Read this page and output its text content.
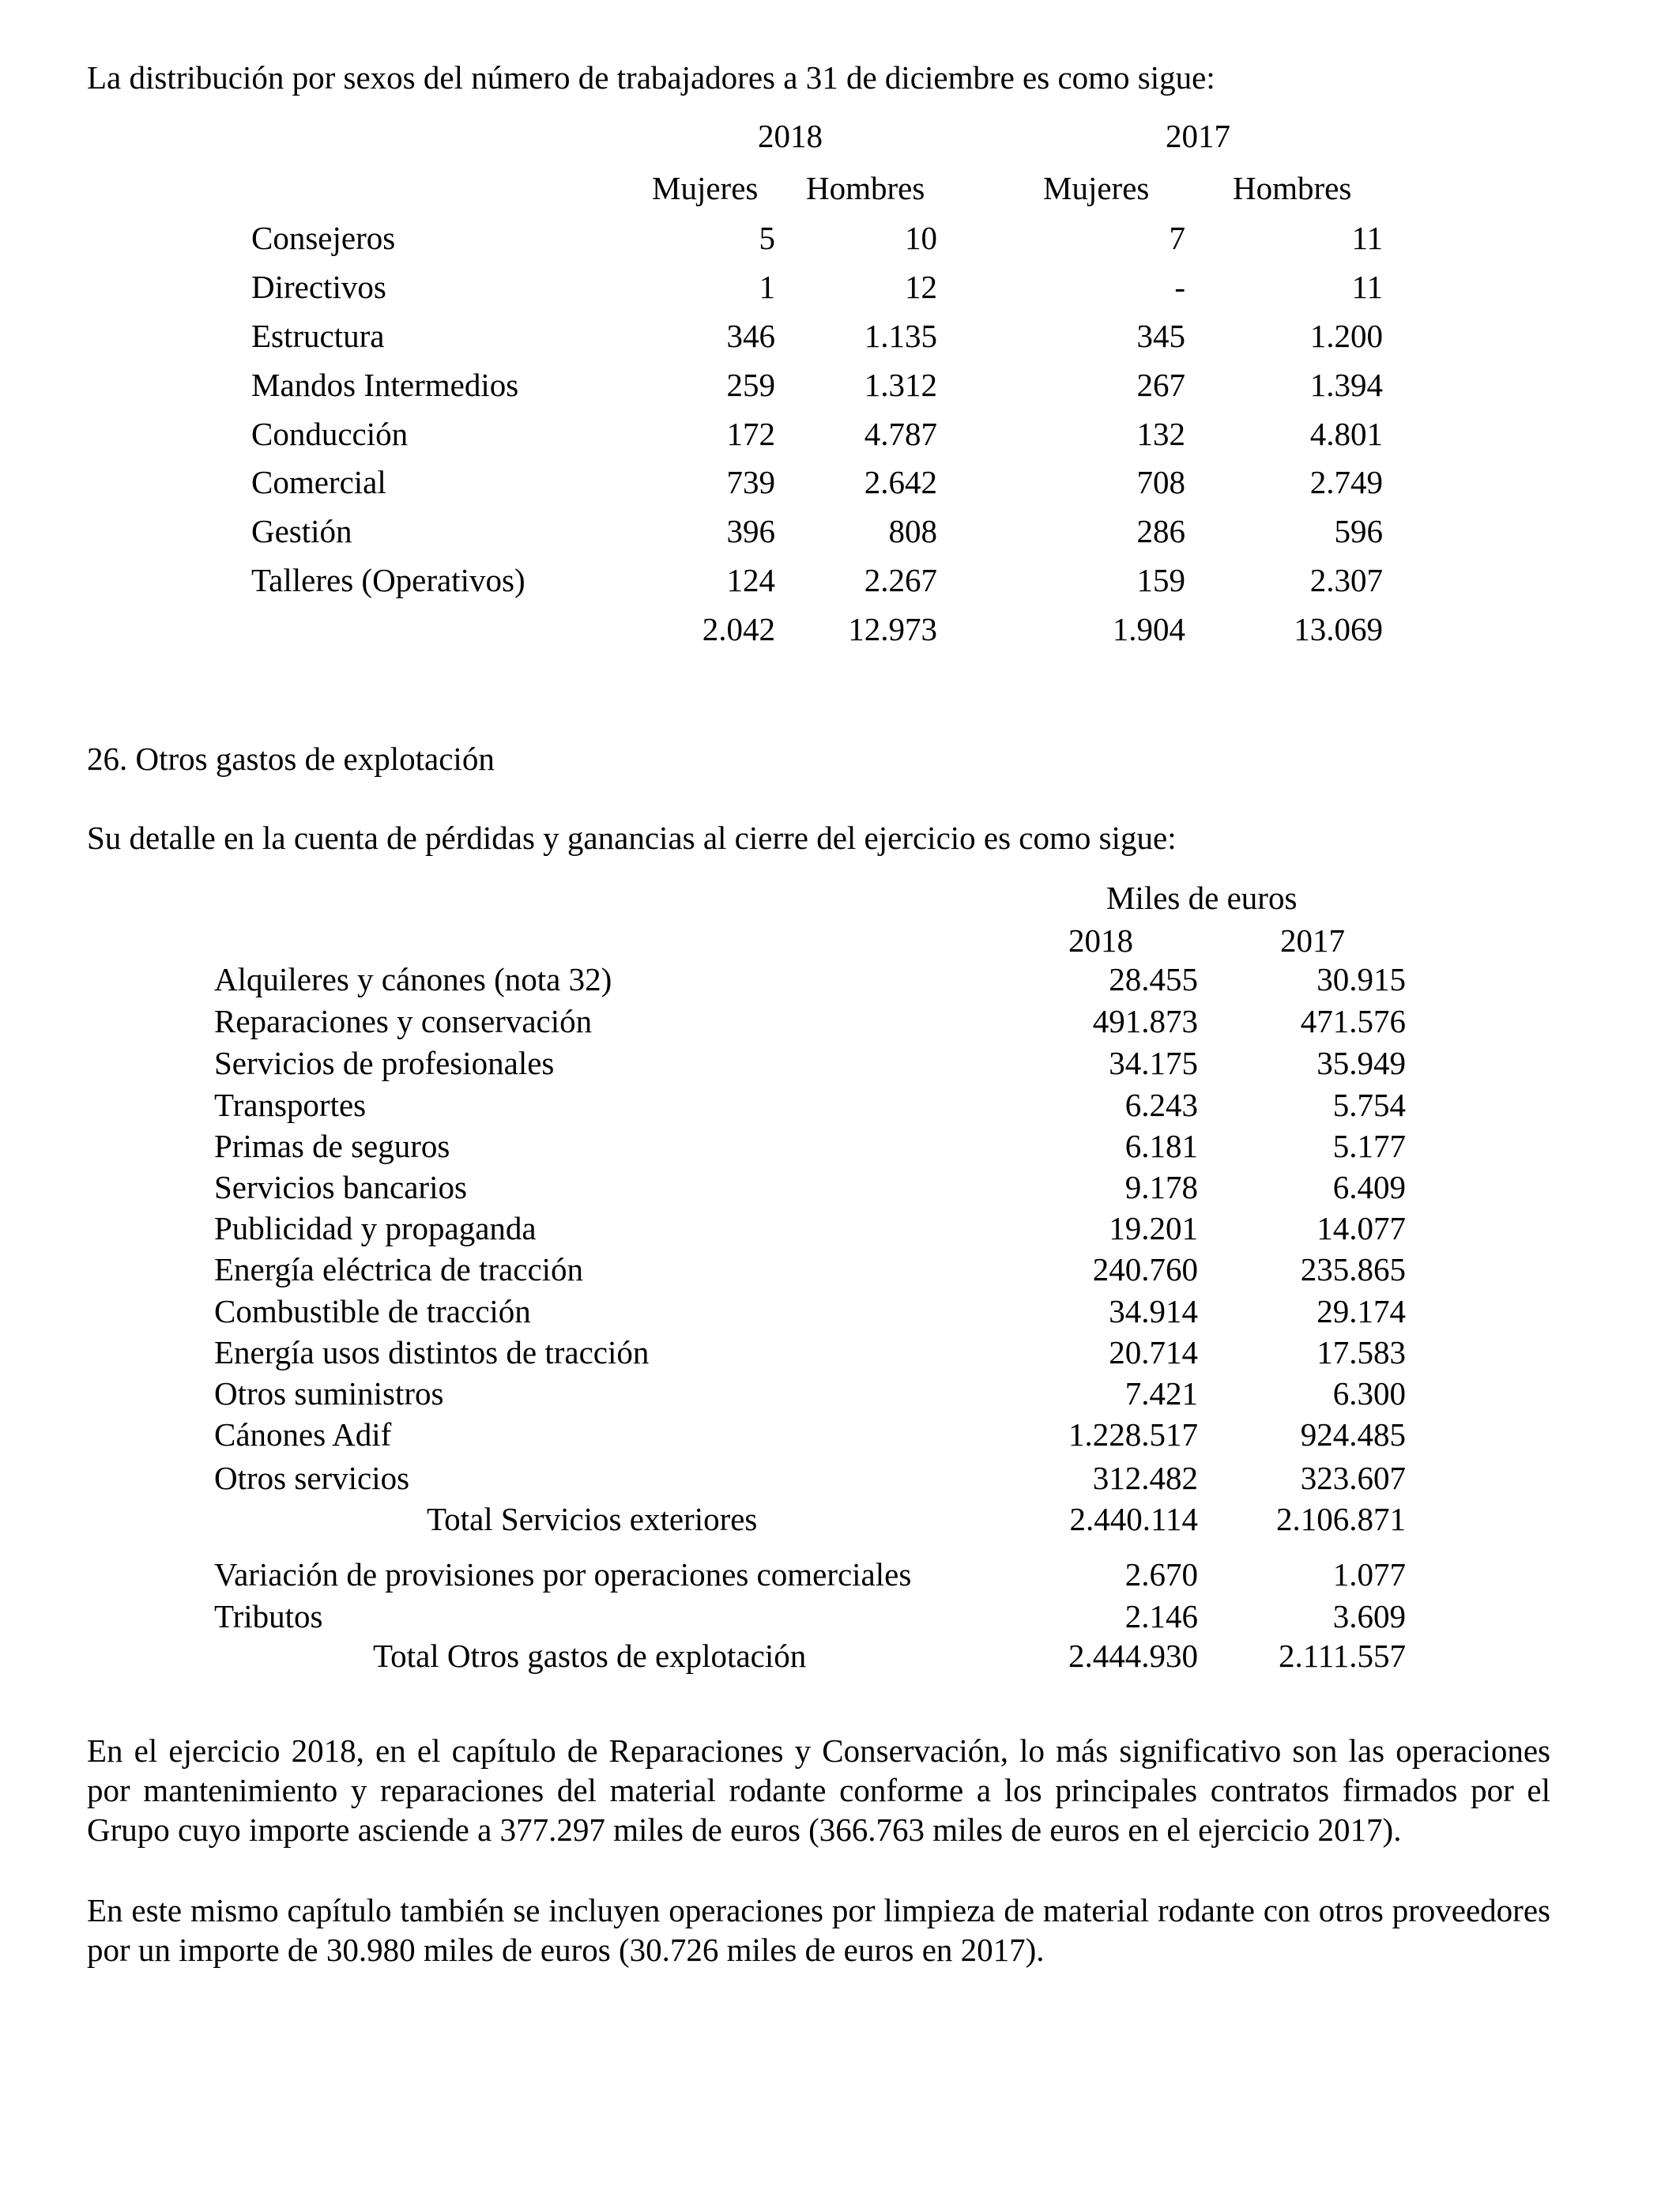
La distribución por sexos del número de trabajadores a 31 de diciembre es como sigue:
2018	2017
Mujeres Hombres	Mujeres	Hombres
Consejeros	5	10	7	11
Directivos	1	12	-	11
Estructura	346	1.135	345	1.200
Mandos Intermedios	259	1.312	267	1.394
Conducción	172	4.787	132	4.801
Comercial	739	2.642	708	2.749
Gestión	396	808	286	596
Talleres (Operativos)	124	2.267	159	2.307
2.042 12.973	1.904	13.069
26. Otros gastos de explotación
Su detalle en la cuenta de pérdidas y ganancias al cierre del ejercicio es como sigue:
Miles de euros
2018	2017
Alquileres y cánones (nota 32)	28.455	30.915
Reparaciones y conservación	491.873	471.576
Servicios de profesionales	34.175	35.949
Transportes	6.243	5.754
Primas de seguros	6.181	5.177
Servicios bancarios	9.178	6.409
Publicidad y propaganda	19.201	14.077
Energía eléctrica de tracción	240.760	235.865
Combustible de tracción	34.914	29.174
Energía usos distintos de tracción	20.714	17.583
Otros suministros	7.421	6.300
Cánones Adif	1.228.517	924.485
Otros servicios	312.482	323.607
Total Servicios exteriores	2.440.114 2.106.871
Variación de provisiones por operaciones comerciales	2.670	1.077
Tributos	2.146	3.609
Total Otros gastos de explotación	2.444.930 2.111.557
En el ejercicio 2018, en el capítulo de Reparaciones y Conservación, lo más significativo son las operaciones por mantenimiento y reparaciones del material rodante conforme a los principales contratos firmados por el Grupo cuyo importe asciende a 377.297 miles de euros (366.763 miles de euros en el ejercicio 2017).
En este mismo capítulo también se incluyen operaciones por limpieza de material rodante con otros proveedores por un importe de 30.980 miles de euros (30.726 miles de euros en 2017).
